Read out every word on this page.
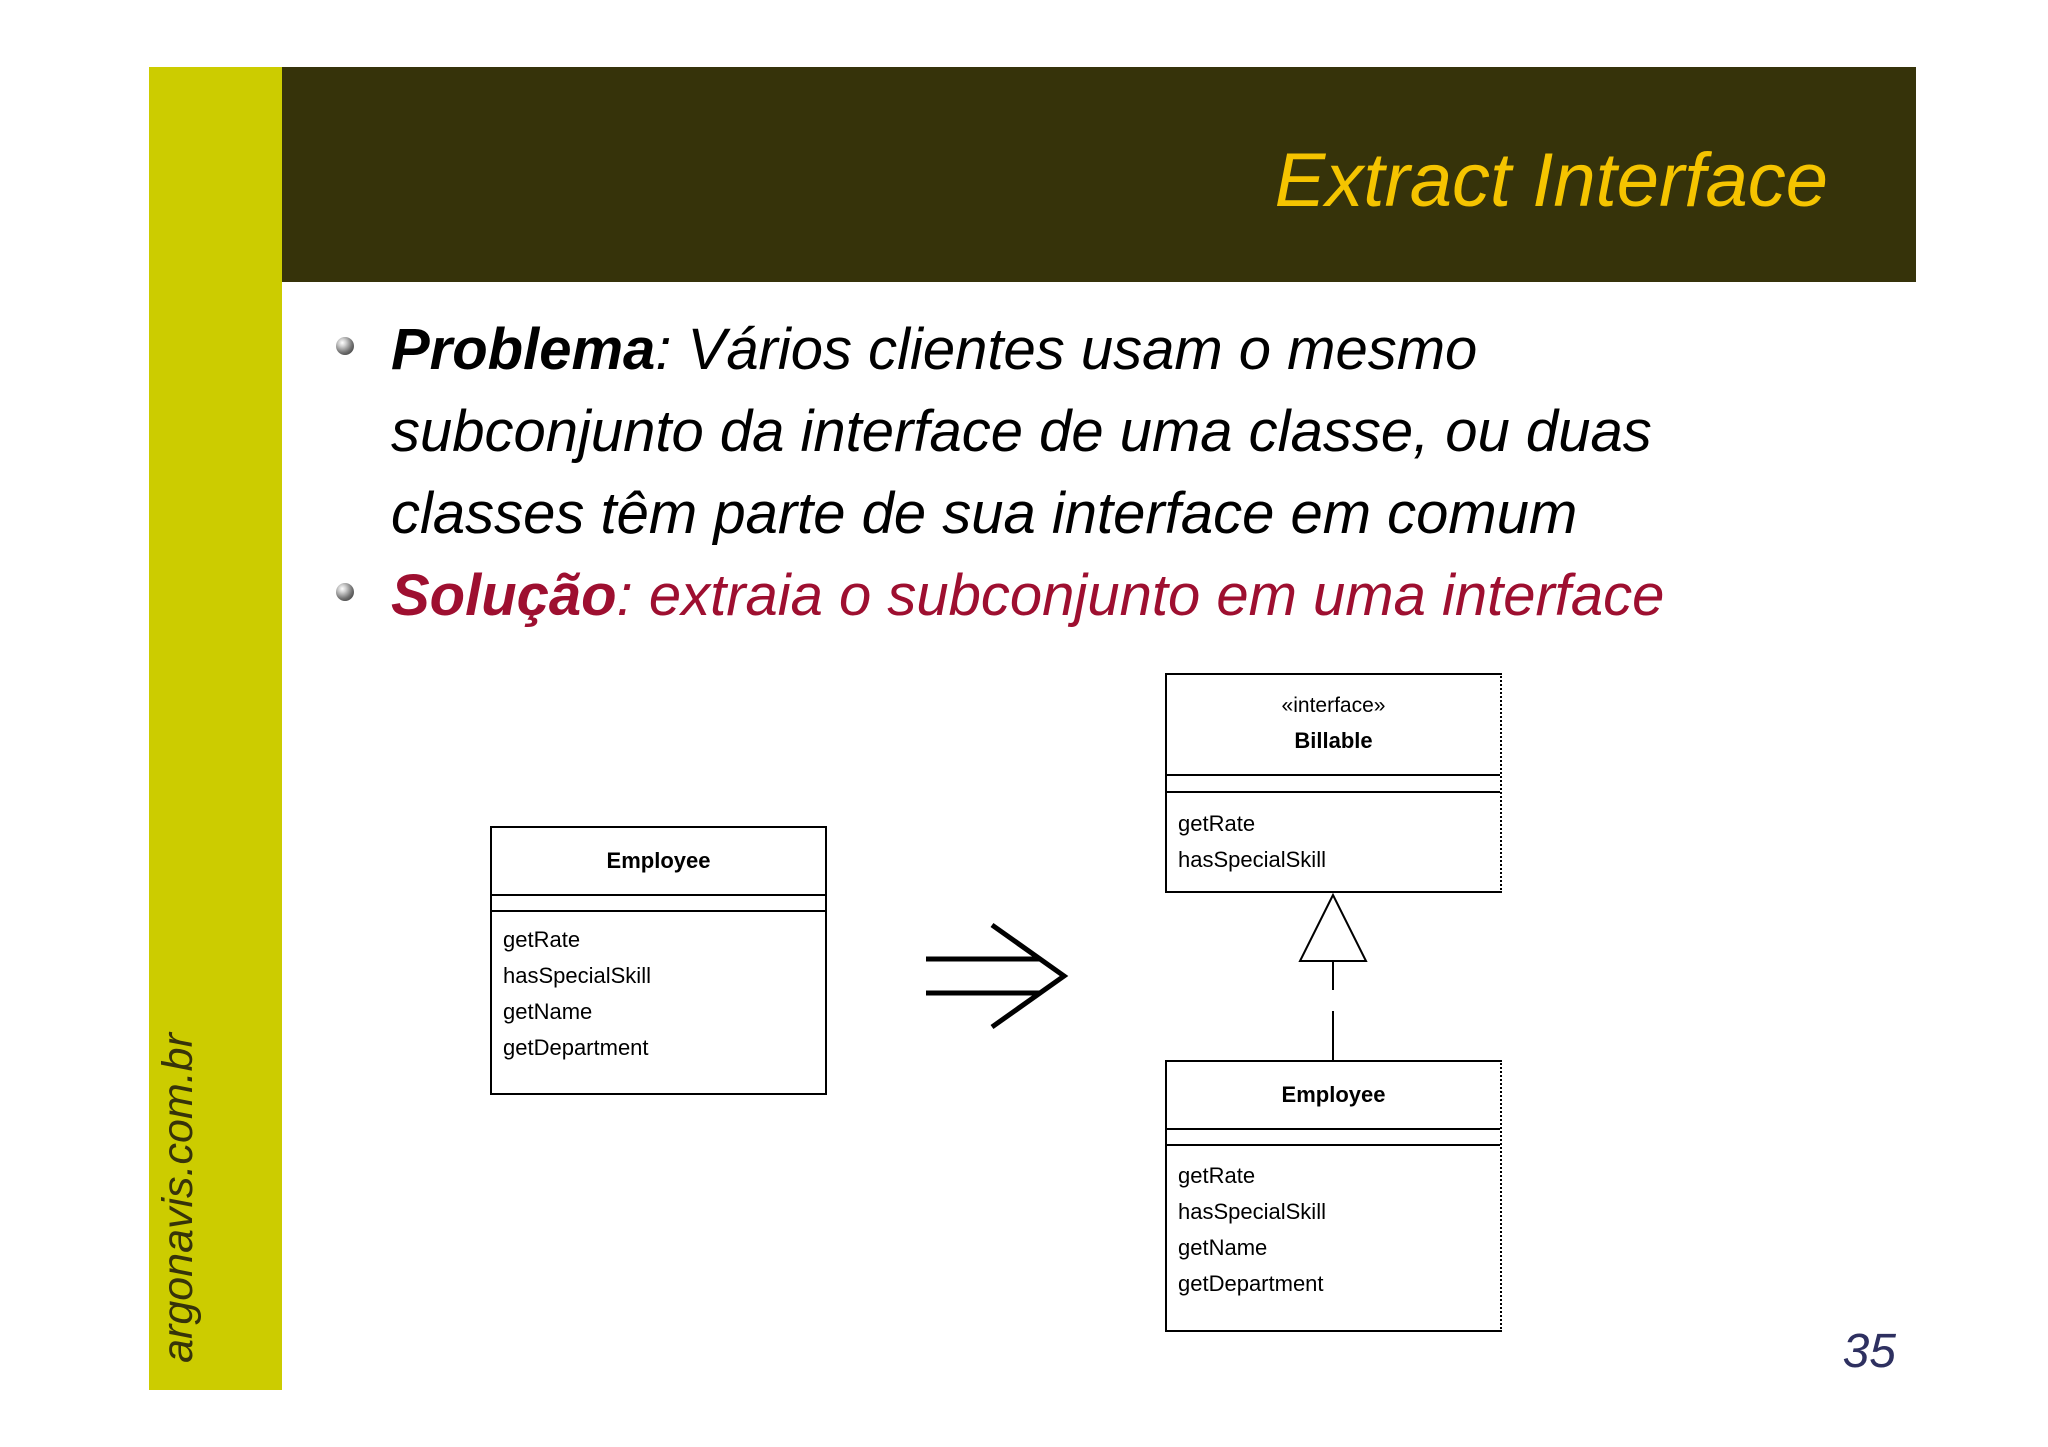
Extract Interface
argonavis.com.br
Problema: Vários clientes usam o mesmo
subconjunto da interface de uma classe, ou duas
classes têm parte de sua interface em comum
Solução: extraia o subconjunto em uma interface
Employee
getRate
hasSpecialSkill
getName
getDepartment
«interface»
Billable
getRate
hasSpecialSkill
Employee
getRate
hasSpecialSkill
getName
getDepartment
35
